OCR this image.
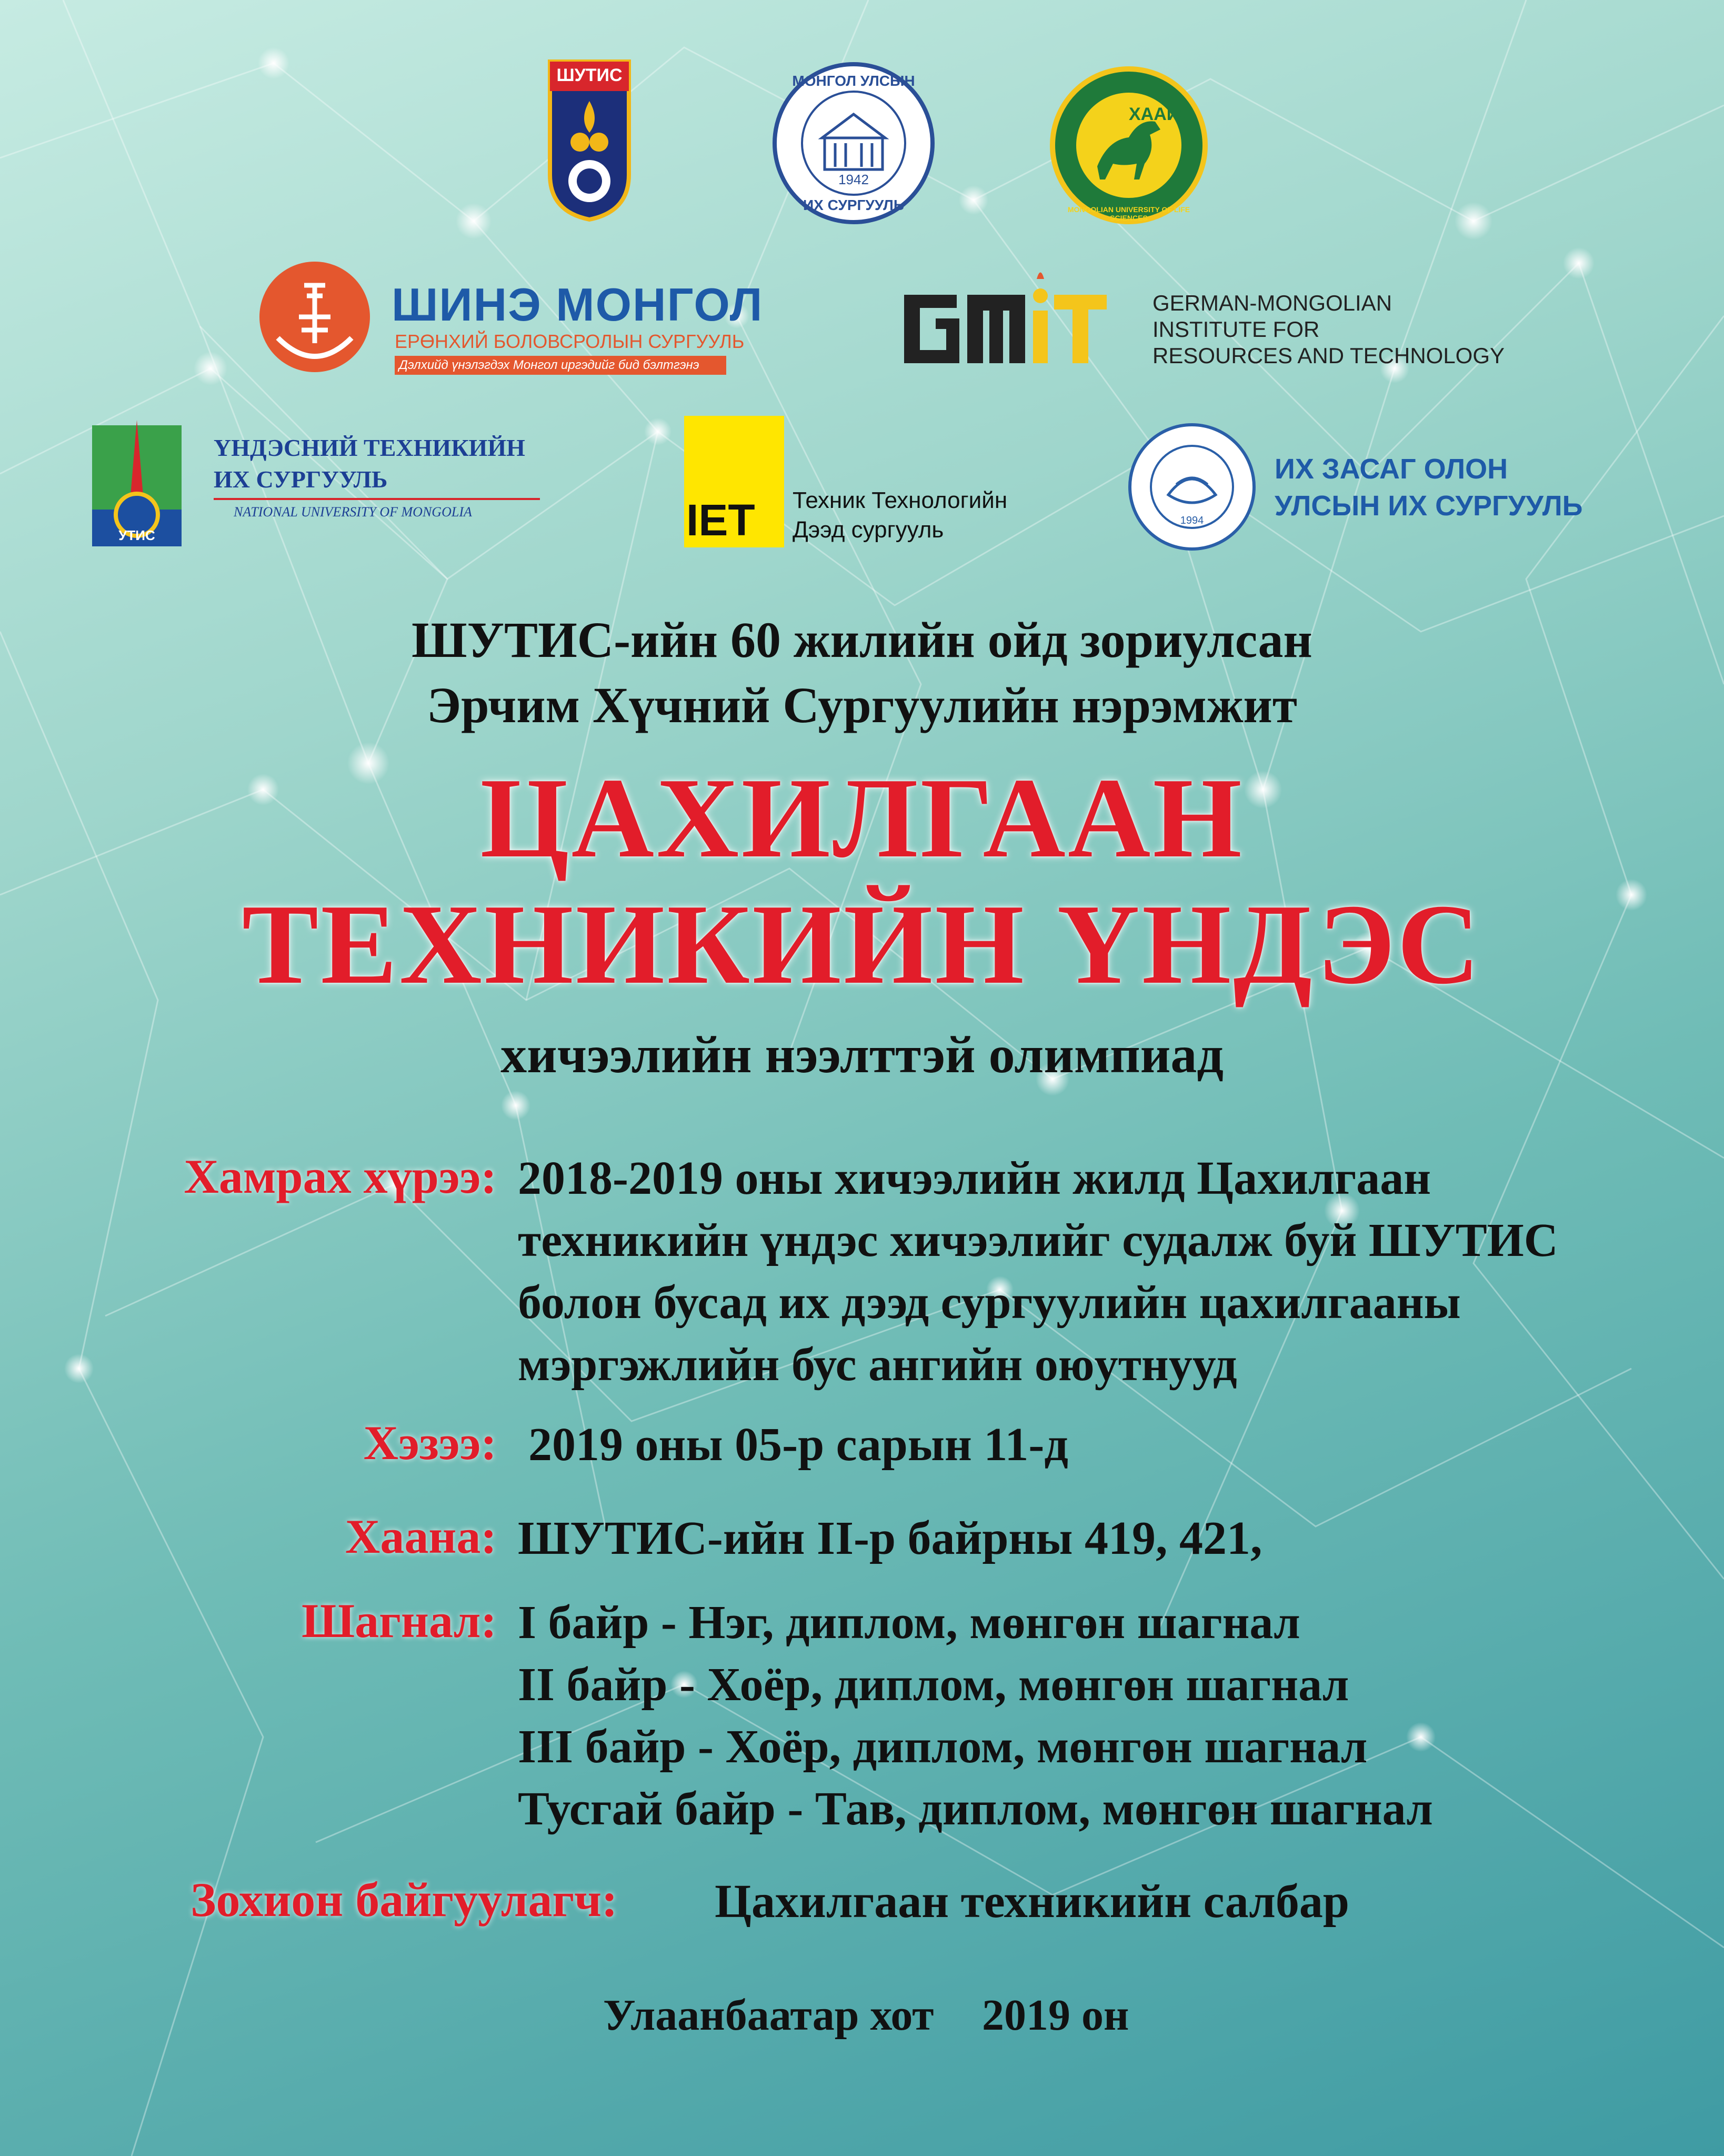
ШУТИС	МОНГОЛ УЛСЫН
1942
ИХ СУРГУУЛЬ
ХААИС
MONGOLIAN UNIVERSITY OF LIFE SCIENCES
ШИНЭ МОНГОЛ
ЕРӨНХИЙ БОЛОВСРОЛЫН СУРГУУЛЬ
Дэлхийд үнэлэгдэх Монгол иргэдийг бид бэлтгэнэ
GERMAN-MONGOLIAN
INSTITUTE FOR
RESOURCES AND TECHNOLOGY
УТИС
ҮНДЭСНИЙ ТЕХНИКИЙН
ИХ СУРГУУЛЬ
NATIONAL UNIVERSITY OF MONGOLIA	IET Техник Технологийн
Дээд сургууль	1994
ИХ ЗАСАГ ОЛОН
УЛСЫН ИХ СУРГУУЛЬ
ШУТИС-ийн 60 жилийн ойд зориулсан
Эрчим Хүчний Сургуулийн нэрэмжит
ЦАХИЛГААН
ТЕХНИКИЙН ҮНДЭС
хичээлийн нээлттэй олимпиад
Хамрах хүрээ: 2018-2019 оны хичээлийн жилд Цахилгаан
техникийн үндэс хичээлийг судалж буй ШУТИС
болон бусад их дээд сургуулийн цахилгааны
мэргэжлийн бус ангийн оюутнууд
Хэзээ: 2019 оны 05-р сарын 11-д
Хаана: ШУТИС-ийн II-р байрны 419, 421,
Шагнал: I байр - Нэг, диплом, мөнгөн шагнал
II байр - Хоёр, диплом, мөнгөн шагнал
III байр - Хоёр, диплом, мөнгөн шагнал
Тусгай байр - Тав, диплом, мөнгөн шагнал
Зохион байгуулагч: Цахилгаан техникийн салбар
Улаанбаатар хот 2019 он
